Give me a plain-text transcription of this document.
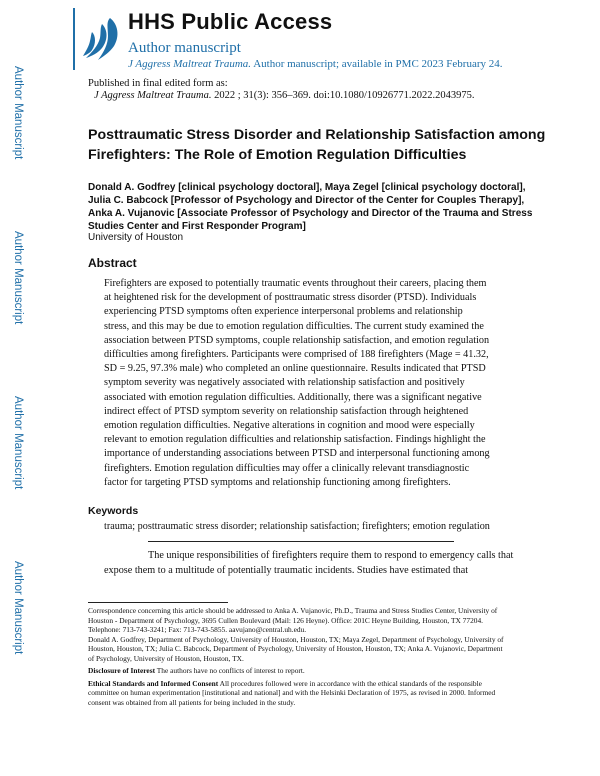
HHS Public Access
Author manuscript
J Aggress Maltreat Trauma. Author manuscript; available in PMC 2023 February 24.
Author Manuscript
Author Manuscript
Author Manuscript
Author Manuscript
Published in final edited form as:
J Aggress Maltreat Trauma. 2022 ; 31(3): 356–369. doi:10.1080/10926771.2022.2043975.
Posttraumatic Stress Disorder and Relationship Satisfaction among Firefighters: The Role of Emotion Regulation Difficulties
Donald A. Godfrey [clinical psychology doctoral], Maya Zegel [clinical psychology doctoral], Julia C. Babcock [Professor of Psychology and Director of the Center for Couples Therapy], Anka A. Vujanovic [Associate Professor of Psychology and Director of the Trauma and Stress Studies Center and First Responder Program]
University of Houston
Abstract
Firefighters are exposed to potentially traumatic events throughout their careers, placing them at heightened risk for the development of posttraumatic stress disorder (PTSD). Individuals experiencing PTSD symptoms often experience interpersonal problems and relationship stress, and this may be due to emotion regulation difficulties. The current study examined the association between PTSD symptoms, couple relationship satisfaction, and emotion regulation difficulties among firefighters. Participants were comprised of 188 firefighters (Mage = 41.32, SD = 9.25, 97.3% male) who completed an online questionnaire. Results indicated that PTSD symptom severity was negatively associated with relationship satisfaction and positively associated with emotion regulation difficulties. Additionally, there was a significant negative indirect effect of PTSD symptom severity on relationship satisfaction through heightened emotion regulation difficulties. Negative alterations in cognition and mood were especially relevant to emotion regulation difficulties and relationship satisfaction. Findings highlight the importance of understanding associations between PTSD and interpersonal functioning among firefighters. Emotion regulation difficulties may offer a clinically relevant transdiagnostic factor for targeting PTSD symptoms and relationship functioning among firefighters.
Keywords
trauma; posttraumatic stress disorder; relationship satisfaction; firefighters; emotion regulation

The unique responsibilities of firefighters require them to respond to emergency calls that expose them to a multitude of potentially traumatic incidents. Studies have estimated that

Correspondence concerning this article should be addressed to Anka A. Vujanovic, Ph.D., Trauma and Stress Studies Center, University of Houston - Department of Psychology, 3695 Cullen Boulevard (Mail: 126 Heyne). Office: 201C Heyne Building, Houston, TX 77204. Telephone: 713-743-3241; Fax: 713-743-5855. aavujano@central.uh.edu.

Donald A. Godfrey, Department of Psychology, University of Houston, Houston, TX; Maya Zegel, Department of Psychology, University of Houston, Houston, TX; Julia C. Babcock, Department of Psychology, University of Houston, Houston, TX; Anka A. Vujanovic, Department of Psychology, University of Houston, Houston, TX.

Disclosure of Interest The authors have no conflicts of interest to report.

Ethical Standards and Informed Consent All procedures followed were in accordance with the ethical standards of the responsible committee on human experimentation [institutional and national] and with the Helsinki Declaration of 1975, as revised in 2000. Informed consent was obtained from all patients for being included in the study.
